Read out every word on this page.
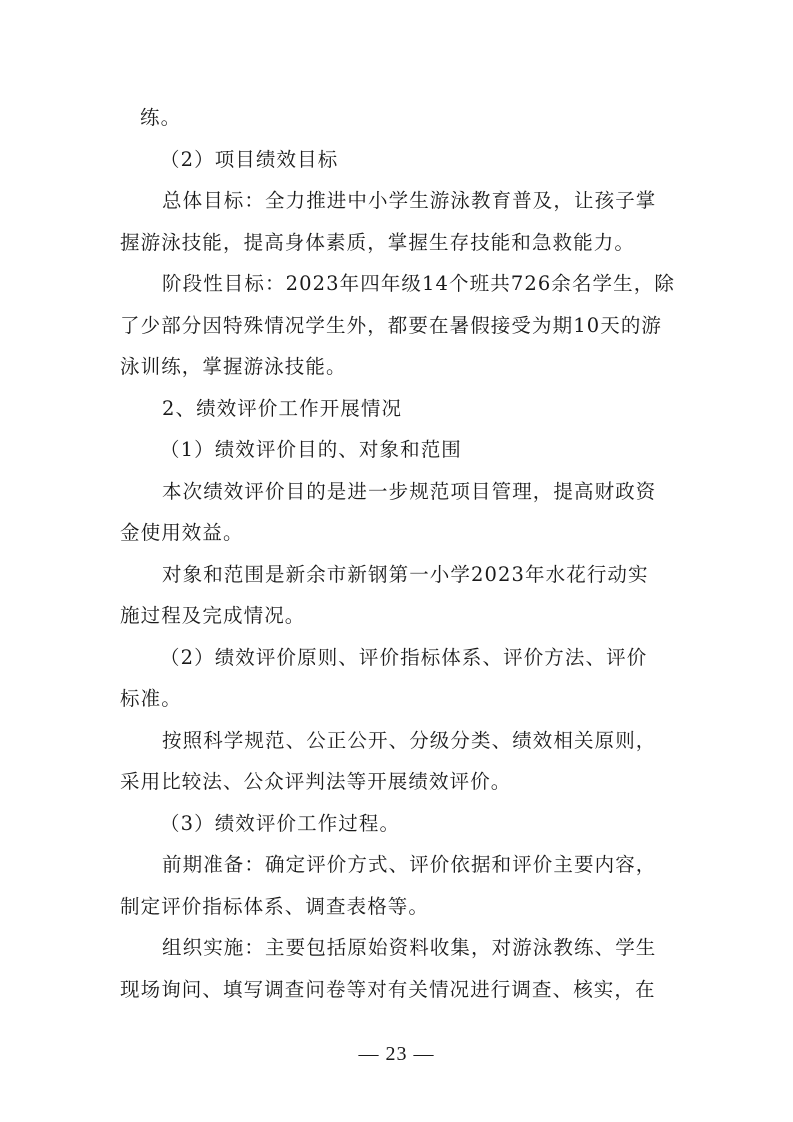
练。
（2）项目绩效目标
总体目标：全力推进中小学生游泳教育普及，让孩子掌
握游泳技能，提高身体素质，掌握生存技能和急救能力。
阶段性目标：2023年四年级14个班共726余名学生，除
了少部分因特殊情况学生外，都要在暑假接受为期10天的游
泳训练，掌握游泳技能。
2、绩效评价工作开展情况
（1）绩效评价目的、对象和范围
本次绩效评价目的是进一步规范项目管理，提高财政资
金使用效益。
对象和范围是新余市新钢第一小学2023年水花行动实
施过程及完成情况。
（2）绩效评价原则、评价指标体系、评价方法、评价
标准。
按照科学规范、公正公开、分级分类、绩效相关原则，
采用比较法、公众评判法等开展绩效评价。
（3）绩效评价工作过程。
前期准备：确定评价方式、评价依据和评价主要内容，
制定评价指标体系、调查表格等。
组织实施：主要包括原始资料收集，对游泳教练、学生
现场询问、填写调查问卷等对有关情况进行调查、核实，在
— 23 —
